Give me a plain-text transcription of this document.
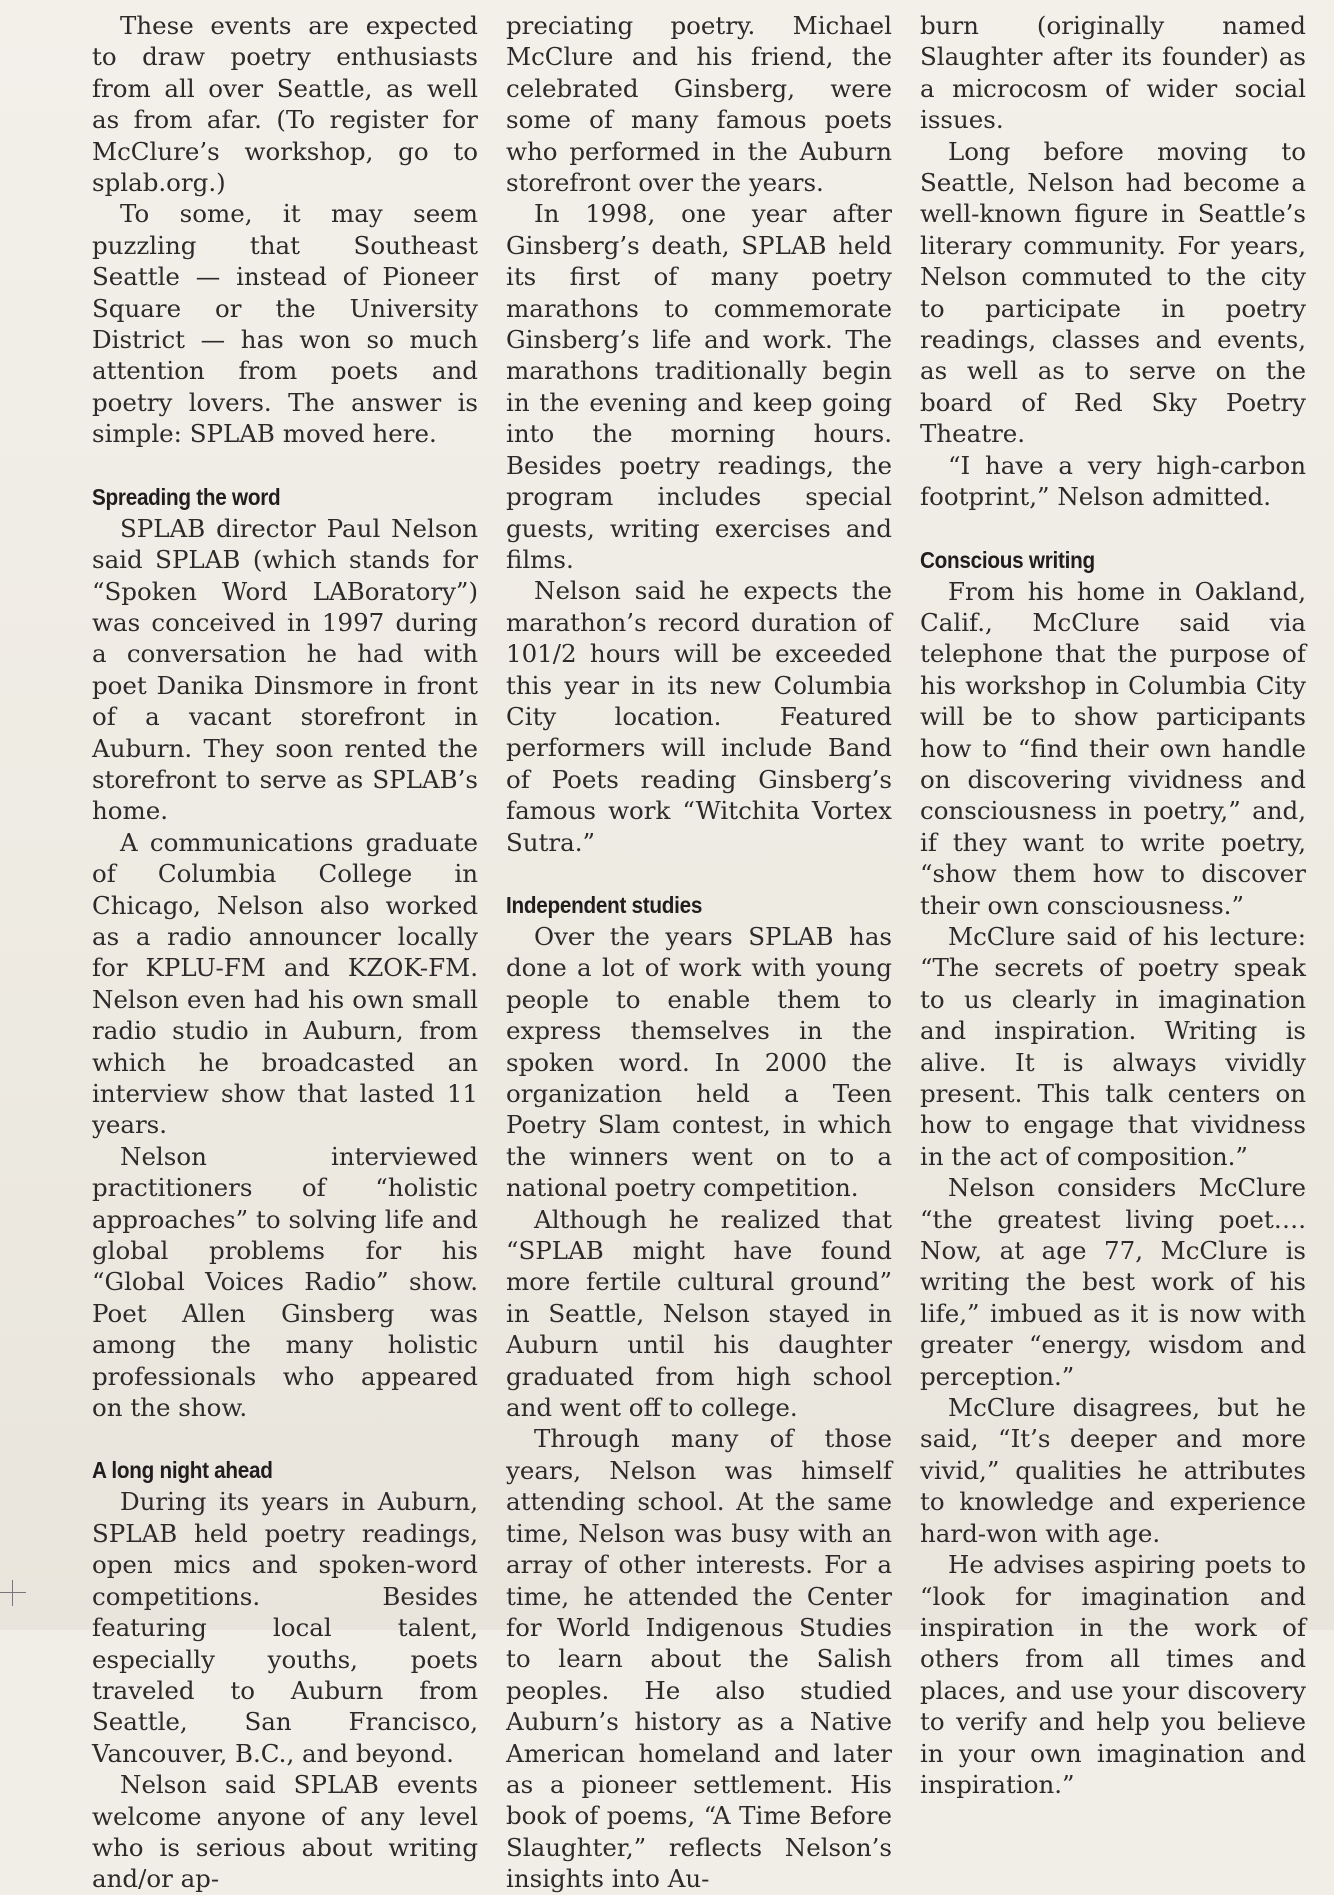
These events are expected to draw poetry enthusiasts from all over Seattle, as well as from afar. (To register for McClure’s workshop, go to splab.org.)

To some, it may seem puzzling that Southeast Seattle — instead of Pioneer Square or the University District — has won so much attention from poets and poetry lovers. The answer is simple: SPLAB moved here.

Spreading the word

SPLAB director Paul Nelson said SPLAB (which stands for “Spoken Word LABoratory”) was conceived in 1997 during a conversation he had with poet Danika Dinsmore in front of a vacant storefront in Auburn. They soon rented the storefront to serve as SPLAB’s home.

A communications graduate of Columbia College in Chicago, Nelson also worked as a radio announcer locally for KPLU-FM and KZOK-FM. Nelson even had his own small radio studio in Auburn, from which he broadcasted an interview show that lasted 11 years.

Nelson interviewed practitioners of “holistic approaches” to solving life and global problems for his “Global Voices Radio” show. Poet Allen Ginsberg was among the many holistic professionals who appeared on the show.

A long night ahead

During its years in Auburn, SPLAB held poetry readings, open mics and spoken-word competitions. Besides featuring local talent, especially youths, poets traveled to Auburn from Seattle, San Francisco, Vancouver, B.C., and beyond.

Nelson said SPLAB events welcome anyone of any level who is serious about writing and/or ap-

preciating poetry. Michael McClure and his friend, the celebrated Ginsberg, were some of many famous poets who performed in the Auburn storefront over the years.

In 1998, one year after Ginsberg’s death, SPLAB held its first of many poetry marathons to commemorate Ginsberg’s life and work. The marathons traditionally begin in the evening and keep going into the morning hours. Besides poetry readings, the program includes special guests, writing exercises and films.

Nelson said he expects the marathon’s record duration of 101/2 hours will be exceeded this year in its new Columbia City location. Featured performers will include Band of Poets reading Ginsberg’s famous work “Witchita Vortex Sutra.”

Independent studies

Over the years SPLAB has done a lot of work with young people to enable them to express themselves in the spoken word. In 2000 the organization held a Teen Poetry Slam contest, in which the winners went on to a national poetry competition.

Although he realized that “SPLAB might have found more fertile cultural ground” in Seattle, Nelson stayed in Auburn until his daughter graduated from high school and went off to college.

Through many of those years, Nelson was himself attending school. At the same time, Nelson was busy with an array of other interests. For a time, he attended the Center for World Indigenous Studies to learn about the Salish peoples. He also studied Auburn’s history as a Native American homeland and later as a pioneer settlement. His book of poems, “A Time Before Slaughter,” reflects Nelson’s insights into Au-

burn (originally named Slaughter after its founder) as a microcosm of wider social issues.

Long before moving to Seattle, Nelson had become a well-known figure in Seattle’s literary community. For years, Nelson commuted to the city to participate in poetry readings, classes and events, as well as to serve on the board of Red Sky Poetry Theatre.

“I have a very high-carbon footprint,” Nelson admitted.

Conscious writing

From his home in Oakland, Calif., McClure said via telephone that the purpose of his workshop in Columbia City will be to show participants how to “find their own handle on discovering vividness and consciousness in poetry,” and, if they want to write poetry, “show them how to discover their own consciousness.”

McClure said of his lecture: “The secrets of poetry speak to us clearly in imagination and inspiration. Writing is alive. It is always vividly present. This talk centers on how to engage that vividness in the act of composition.”

Nelson considers McClure “the greatest living poet…. Now, at age 77, McClure is writing the best work of his life,” imbued as it is now with greater “energy, wisdom and perception.”

McClure disagrees, but he said, “It’s deeper and more vivid,” qualities he attributes to knowledge and experience hard-won with age.

He advises aspiring poets to “look for imagination and inspiration in the work of others from all times and places, and use your discovery to verify and help you believe in your own imagination and inspiration.”
